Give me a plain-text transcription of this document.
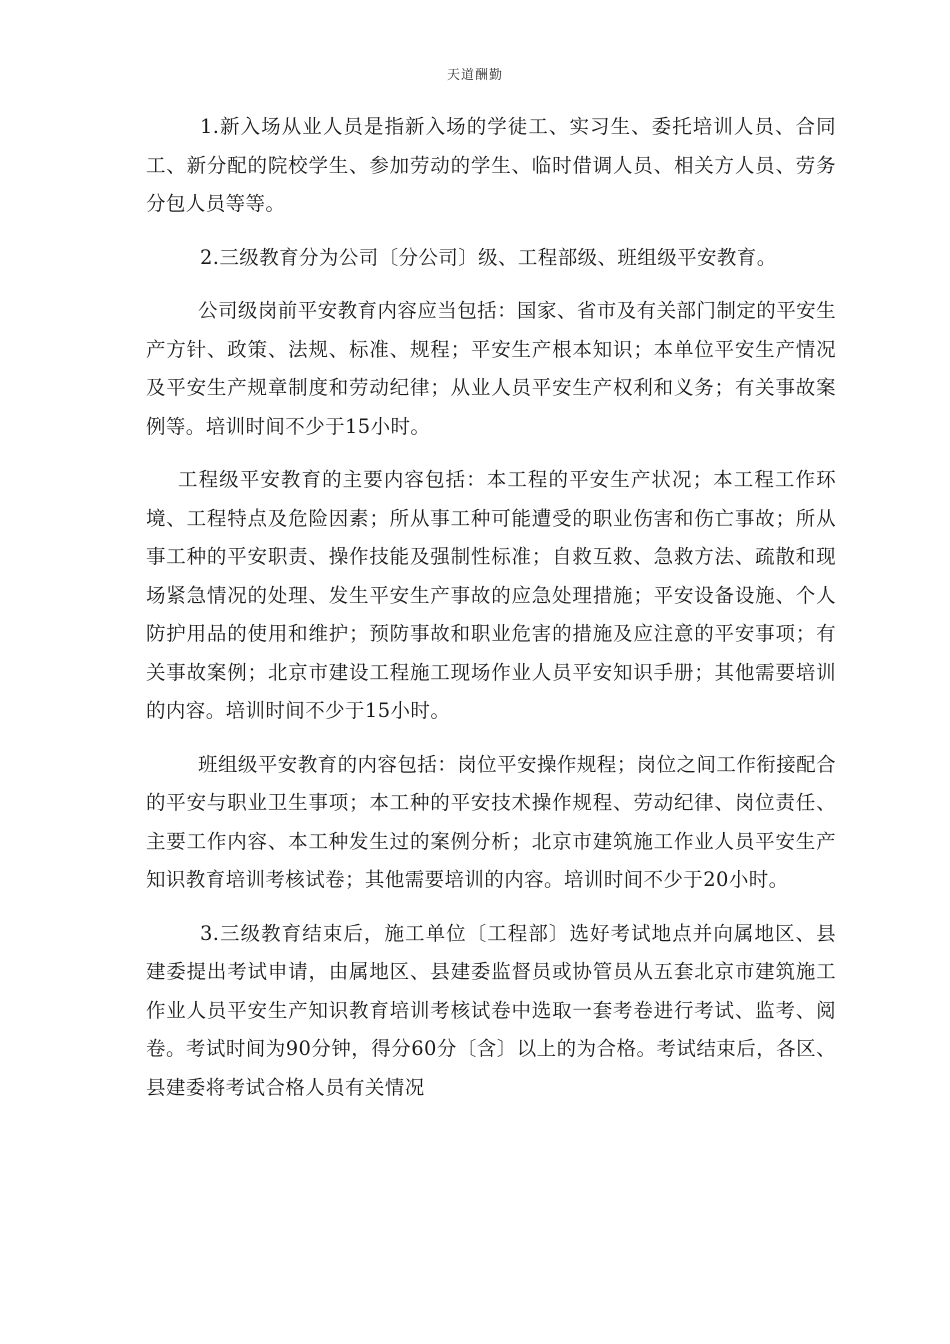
天道酬勤

1.新入场从业人员是指新入场的学徒工、实习生、委托培训人员、合同工、新分配的院校学生、参加劳动的学生、临时借调人员、相关方人员、劳务分包人员等等。

2.三级教育分为公司〔分公司〕级、工程部级、班组级平安教育。

公司级岗前平安教育内容应当包括：国家、省市及有关部门制定的平安生产方针、政策、法规、标准、规程；平安生产根本知识；本单位平安生产情况及平安生产规章制度和劳动纪律；从业人员平安生产权利和义务；有关事故案例等。培训时间不少于15小时。

工程级平安教育的主要内容包括：本工程的平安生产状况；本工程工作环境、工程特点及危险因素；所从事工种可能遭受的职业伤害和伤亡事故；所从事工种的平安职责、操作技能及强制性标准；自救互救、急救方法、疏散和现场紧急情况的处理、发生平安生产事故的应急处理措施；平安设备设施、个人防护用品的使用和维护；预防事故和职业危害的措施及应注意的平安事项；有关事故案例；北京市建设工程施工现场作业人员平安知识手册；其他需要培训的内容。培训时间不少于15小时。

班组级平安教育的内容包括：岗位平安操作规程；岗位之间工作衔接配合的平安与职业卫生事项；本工种的平安技术操作规程、劳动纪律、岗位责任、主要工作内容、本工种发生过的案例分析；北京市建筑施工作业人员平安生产知识教育培训考核试卷；其他需要培训的内容。培训时间不少于20小时。

3.三级教育结束后，施工单位〔工程部〕选好考试地点并向属地区、县建委提出考试申请，由属地区、县建委监督员或协管员从五套北京市建筑施工作业人员平安生产知识教育培训考核试卷中选取一套考卷进行考试、监考、阅卷。考试时间为90分钟，得分60分〔含〕以上的为合格。考试结束后，各区、县建委将考试合格人员有关情况
